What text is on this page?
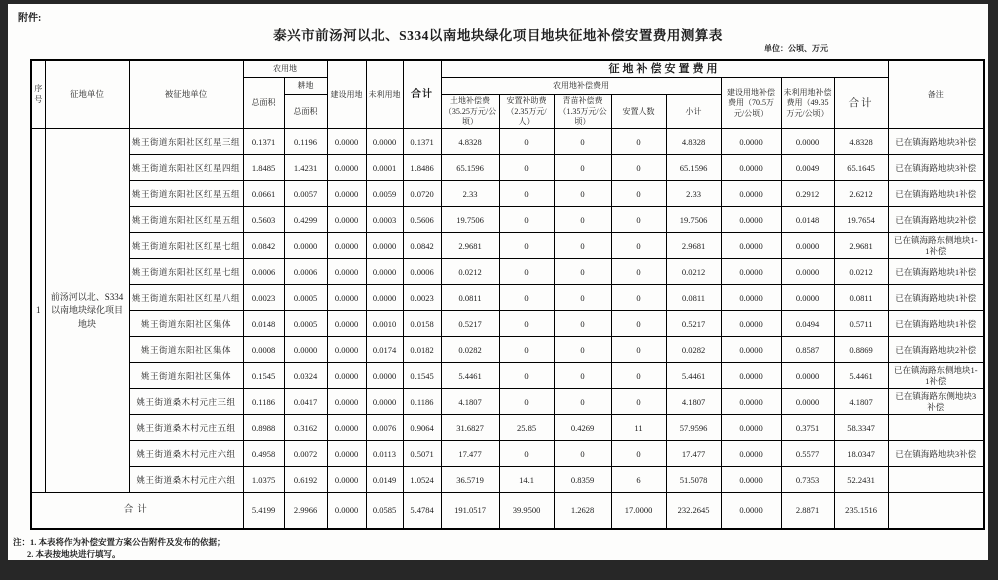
附件:
泰兴市前汤河以北、S334以南地块绿化项目地块征地补偿安置费用测算表
单位：公顷、万元
序号	征地单位	被征地单位	农用地		建设用地	未利用地	合计	征地补偿安置费用								备注
			总面积	耕地				农用地补偿费用					建设用地补偿费用（70.5万元/公顷）	未利用地补偿费用（49.35万元/公顷）	合计	
				总面积				土地补偿费（35.25万元/公顷）	安置补助费（2.35万元/人）	青苗补偿费（1.35万元/公顷）	安置人数	小计				
1	前汤河以北、S334以南地块绿化项目地块	姚王街道东阳社区红星三组	0.1371	0.1196	0.0000	0.0000	0.1371	4.8328	0	0	0	4.8328	0.0000	0.0000	4.8328	已在镇海路地块3补偿
		姚王街道东阳社区红星四组	1.8485	1.4231	0.0000	0.0001	1.8486	65.1596	0	0	0	65.1596	0.0000	0.0049	65.1645	已在镇海路地块3补偿
		姚王街道东阳社区红星五组	0.0661	0.0057	0.0000	0.0059	0.0720	2.33	0	0	0	2.33	0.0000	0.2912	2.6212	已在镇海路地块1补偿
		姚王街道东阳社区红星五组	0.5603	0.4299	0.0000	0.0003	0.5606	19.7506	0	0	0	19.7506	0.0000	0.0148	19.7654	已在镇海路地块2补偿
		姚王街道东阳社区红星七组	0.0842	0.0000	0.0000	0.0000	0.0842	2.9681	0	0	0	2.9681	0.0000	0.0000	2.9681	已在镇海路东侧地块1-1补偿
		姚王街道东阳社区红星七组	0.0006	0.0006	0.0000	0.0000	0.0006	0.0212	0	0	0	0.0212	0.0000	0.0000	0.0212	已在镇海路地块1补偿
		姚王街道东阳社区红星八组	0.0023	0.0005	0.0000	0.0000	0.0023	0.0811	0	0	0	0.0811	0.0000	0.0000	0.0811	已在镇海路地块1补偿
		姚王街道东阳社区集体	0.0148	0.0005	0.0000	0.0010	0.0158	0.5217	0	0	0	0.5217	0.0000	0.0494	0.5711	已在镇海路地块1补偿
		姚王街道东阳社区集体	0.0008	0.0000	0.0000	0.0174	0.0182	0.0282	0	0	0	0.0282	0.0000	0.8587	0.8869	已在镇海路地块2补偿
		姚王街道东阳社区集体	0.1545	0.0324	0.0000	0.0000	0.1545	5.4461	0	0	0	5.4461	0.0000	0.0000	5.4461	已在镇海路东侧地块1-1补偿
		姚王街道桑木村元庄三组	0.1186	0.0417	0.0000	0.0000	0.1186	4.1807	0	0	0	4.1807	0.0000	0.0000	4.1807	已在镇海路东侧地块3补偿
		姚王街道桑木村元庄五组	0.8988	0.3162	0.0000	0.0076	0.9064	31.6827	25.85	0.4269	11	57.9596	0.0000	0.3751	58.3347	
		姚王街道桑木村元庄六组	0.4958	0.0072	0.0000	0.0113	0.5071	17.477	0	0	0	17.477	0.0000	0.5577	18.0347	已在镇海路地块3补偿
		姚王街道桑木村元庄六组	1.0375	0.6192	0.0000	0.0149	1.0524	36.5719	14.1	0.8359	6	51.5078	0.0000	0.7353	52.2431	
合计			5.4199	2.9966	0.0000	0.0585	5.4784	191.0517	39.9500	1.2628	17.0000	232.2645	0.0000	2.8871	235.1516	
注：1. 本表将作为补偿安置方案公告附件及发布的依据；
2. 本表按地块进行填写。
